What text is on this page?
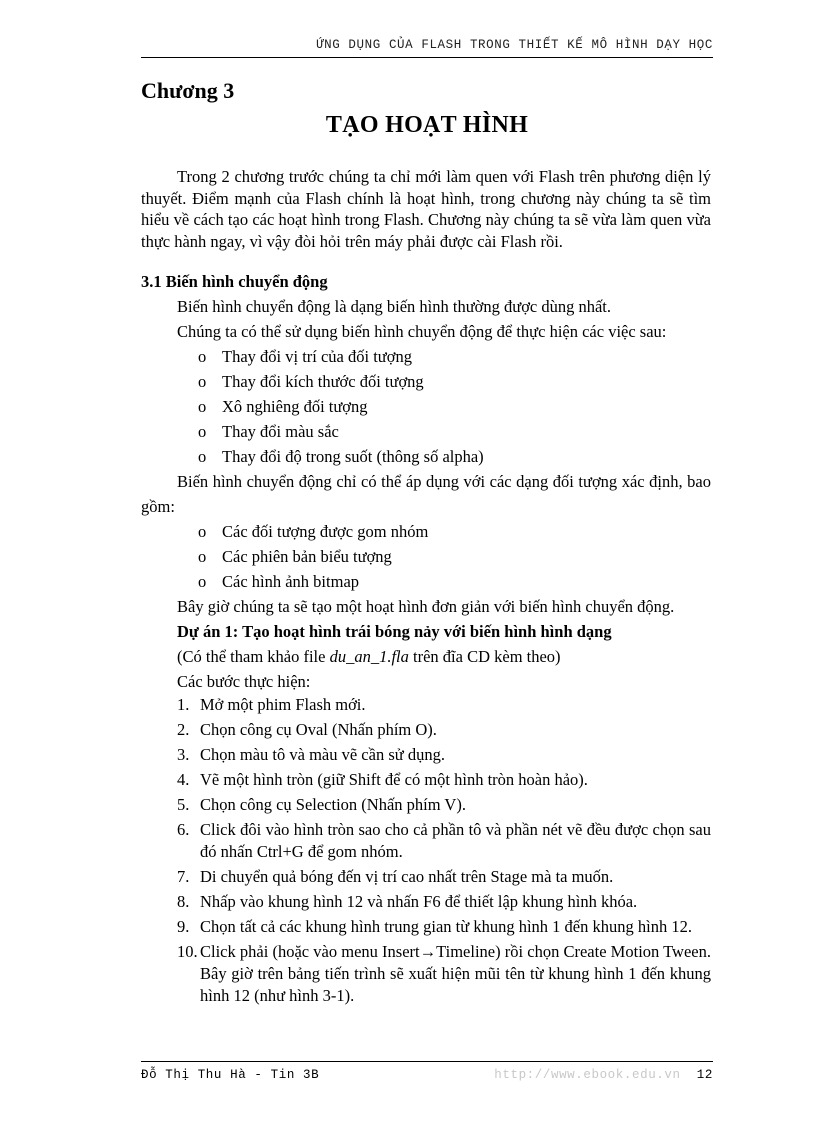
ỨNG DỤNG CỦA FLASH TRONG THIẾT KẾ MÔ HÌNH DẠY HỌC
Chương 3
TẠO HOẠT HÌNH

Trong 2 chương trước chúng ta chỉ mới làm quen với Flash trên phương diện lý thuyết. Điểm mạnh của Flash chính là hoạt hình, trong chương này chúng ta sẽ tìm hiểu về cách tạo các hoạt hình trong Flash. Chương này chúng ta sẽ vừa làm quen vừa thực hành ngay, vì vậy đòi hỏi trên máy phải được cài Flash rồi.

3.1 Biến hình chuyển động

Biến hình chuyển động là dạng biến hình thường được dùng nhất.

Chúng ta có thể sử dụng biến hình chuyển động để thực hiện các việc sau:

o Thay đổi vị trí của đối tượng
o Thay đổi kích thước đối tượng
o Xô nghiêng đối tượng
o Thay đổi màu sắc
o Thay đổi độ trong suốt (thông số alpha)

Biến hình chuyển động chỉ có thể áp dụng với các dạng đối tượng xác định, bao gồm:

o Các đối tượng được gom nhóm
o Các phiên bản biểu tượng
o Các hình ảnh bitmap

Bây giờ chúng ta sẽ tạo một hoạt hình đơn giản với biến hình chuyển động.

Dự án 1: Tạo hoạt hình trái bóng nảy với biến hình hình dạng
(Có thể tham khảo file du_an_1.fla trên đĩa CD kèm theo)
Các bước thực hiện:
1. Mở một phim Flash mới.
2. Chọn công cụ Oval (Nhấn phím O).
3. Chọn màu tô và màu vẽ cần sử dụng.
4. Vẽ một hình tròn (giữ Shift để có một hình tròn hoàn hảo).
5. Chọn công cụ Selection (Nhấn phím V).
6. Click đôi vào hình tròn sao cho cả phần tô và phần nét vẽ đều được chọn sau đó nhấn Ctrl+G để gom nhóm.
7. Di chuyển quả bóng đến vị trí cao nhất trên Stage mà ta muốn.
8. Nhấp vào khung hình 12 và nhấn F6 để thiết lập khung hình khóa.
9. Chọn tất cả các khung hình trung gian từ khung hình 1 đến khung hình 12.
10. Click phải (hoặc vào menu Insert→Timeline) rồi chọn Create Motion Tween. Bây giờ trên bảng tiến trình sẽ xuất hiện mũi tên từ khung hình 1 đến khung hình 12 (như hình 3-1).
Đỗ Thị Thu Hà - Tin 3B	http://www.ebook.edu.vn 12
